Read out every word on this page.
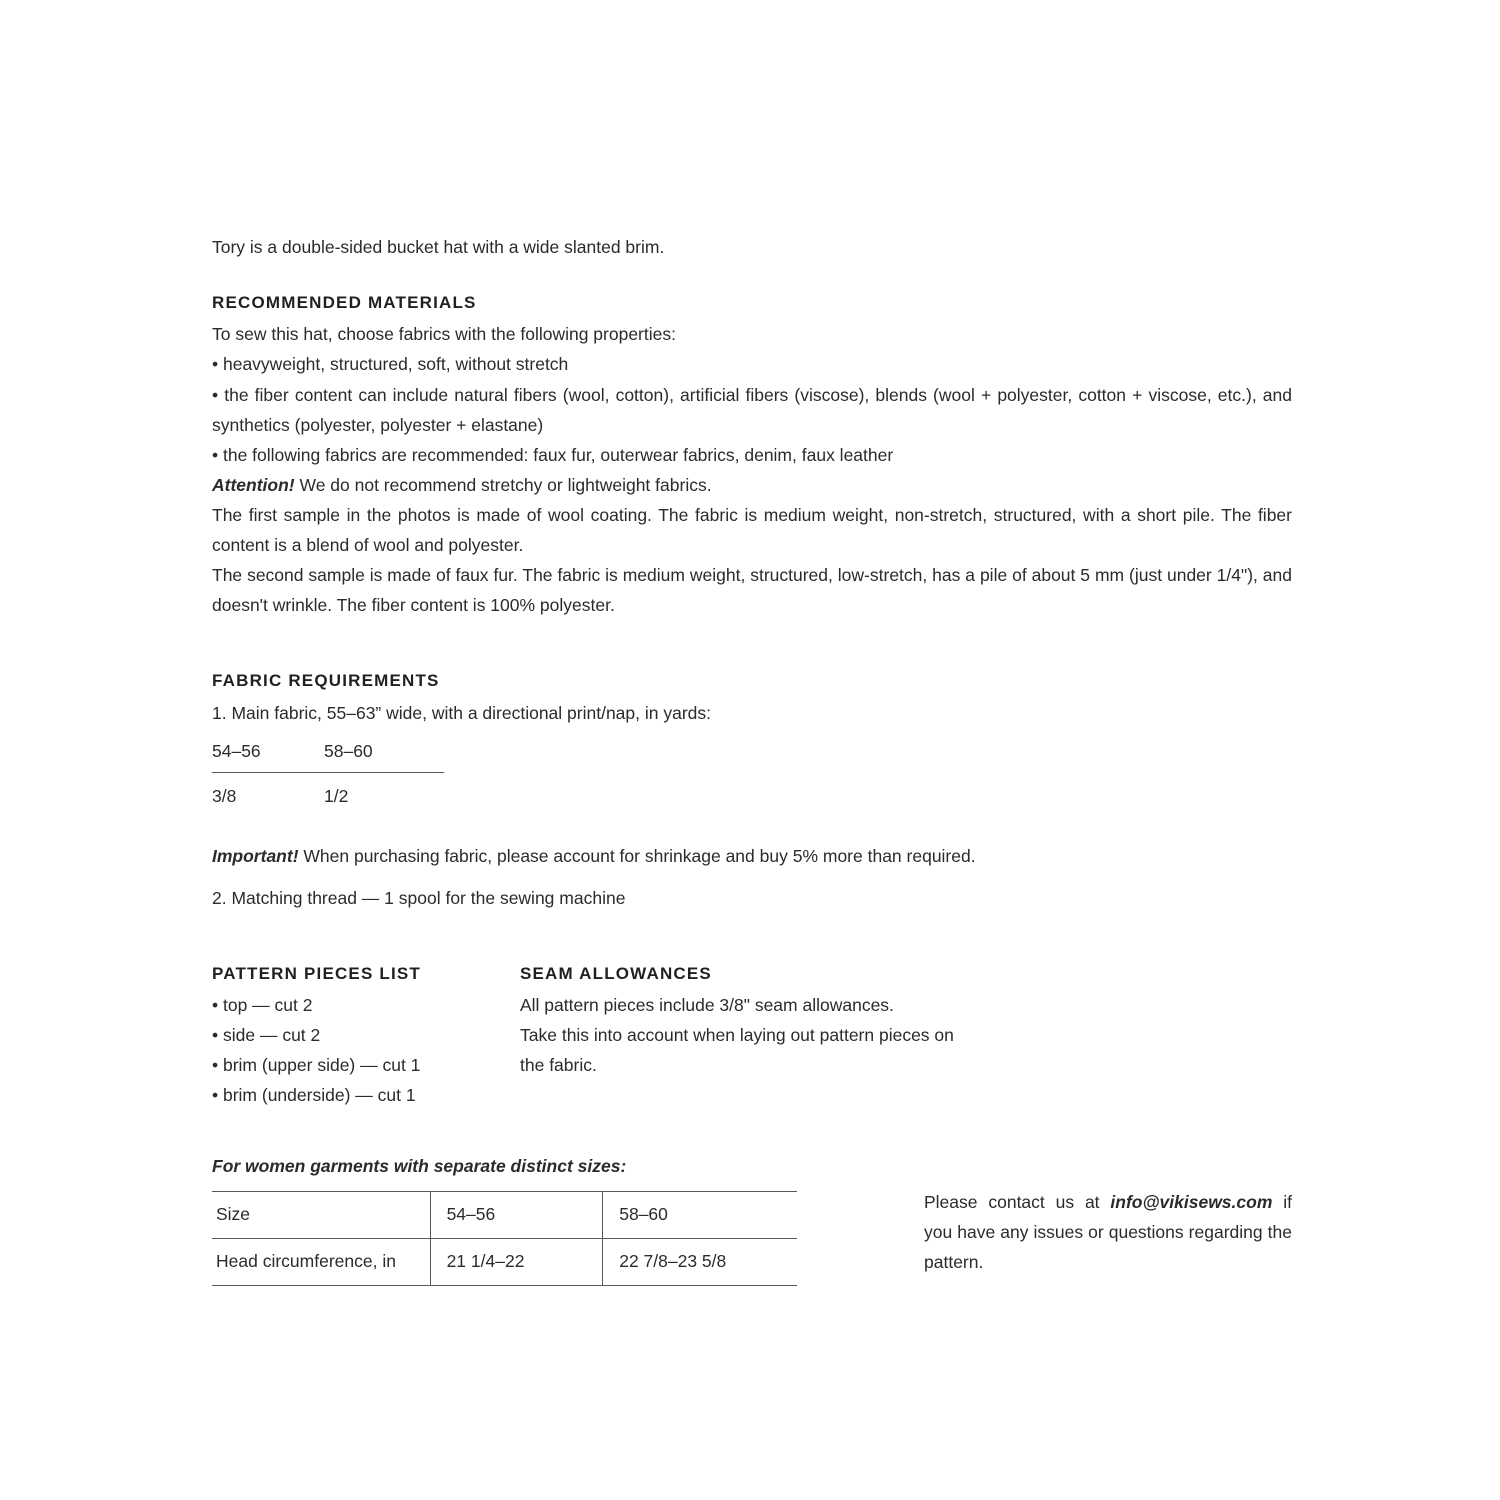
Tory is a double-sided bucket hat with a wide slanted brim.

RECOMMENDED MATERIALS

To sew this hat, choose fabrics with the following properties:

• heavyweight, structured, soft, without stretch

• the fiber content can include natural fibers (wool, cotton), artificial fibers (viscose), blends (wool + polyester, cotton + viscose, etc.), and synthetics (polyester, polyester + elastane)

• the following fabrics are recommended: faux fur, outerwear fabrics, denim, faux leather

Attention! We do not recommend stretchy or lightweight fabrics.

The first sample in the photos is made of wool coating. The fabric is medium weight, non-stretch, structured, with a short pile. The fiber content is a blend of wool and polyester.

The second sample is made of faux fur. The fabric is medium weight, structured, low-stretch, has a pile of about 5 mm (just under 1/4"), and doesn't wrinkle. The fiber content is 100% polyester.

FABRIC REQUIREMENTS

1. Main fabric, 55–63” wide, with a directional print/nap, in yards:

54–56	58–60
3/8	1/2

Important! When purchasing fabric, please account for shrinkage and buy 5% more than required.

2. Matching thread — 1 spool for the sewing machine

PATTERN PIECES LIST

• top — cut 2

• side — cut 2

• brim (upper side) — cut 1

• brim (underside) — cut 1

SEAM ALLOWANCES

All pattern pieces include 3/8" seam allowances.

Take this into account when laying out pattern pieces on

the fabric.

For women garments with separate distinct sizes:

Size	54–56	58–60
Head circumference, in	21 1/4–22	22 7/8–23 5/8
Please contact us at info@vikisews.com if you have any issues or questions regarding the pattern.
